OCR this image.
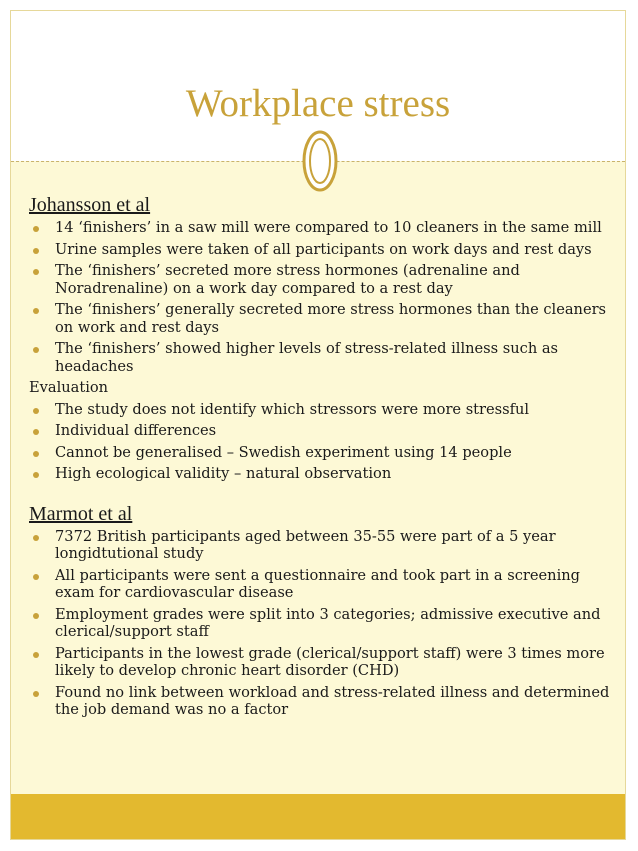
Workplace stress
Johansson et al
14 ‘finishers’ in a saw mill were compared to 10 cleaners in the same mill
Urine samples were taken of all participants on work days and rest days
The ‘finishers’ secreted more stress hormones (adrenaline and Noradrenaline) on a work day compared to a rest day
The ‘finishers’ generally secreted more stress hormones than the cleaners on work and rest days
The ‘finishers’ showed higher levels of stress-related illness such as headaches
Evaluation
The study does not identify which stressors were more stressful
Individual differences
Cannot be generalised – Swedish experiment using 14 people
High ecological validity – natural observation
Marmot et al
7372 British participants aged between 35-55 were part of a 5 year longidtutional study
All participants were sent a questionnaire and took part in a screening exam for cardiovascular disease
Employment grades were split into 3 categories; admissive executive and clerical/support staff
Participants in the lowest grade (clerical/support staff) were 3 times more likely to develop chronic heart disorder (CHD)
Found no link between workload and stress-related illness and determined the job demand was no a factor
